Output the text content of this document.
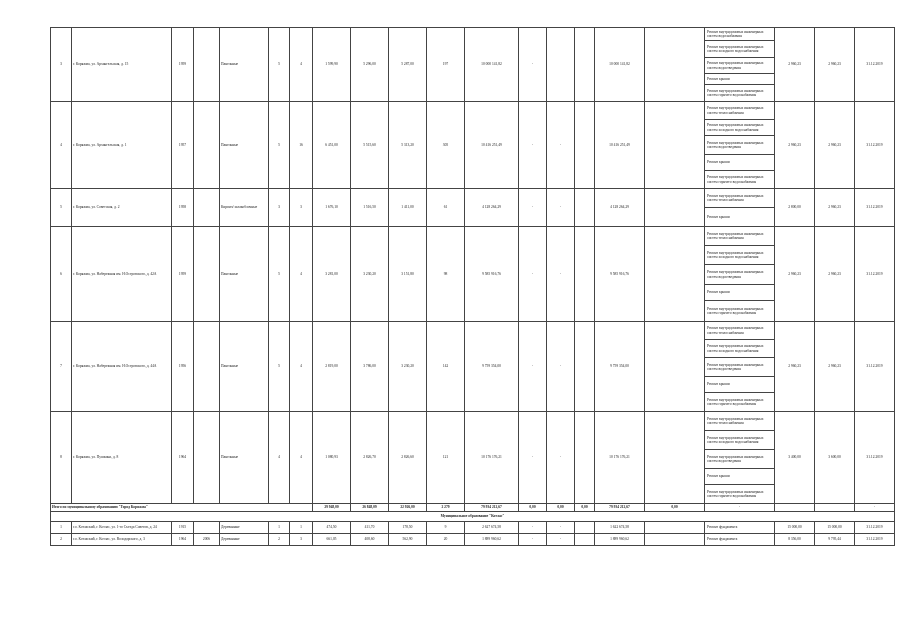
3	г. Коряжма, ул. Архангельская, д. 15	1959		Панельные	5	4	1 599,90	5 296,00	5 287,00	197	10 000 141,82	-			10 000 141,82		Ремонт внутридомовых инженерных систем водоснабжения	2 960,23	2 960,23	31.12.2019
																	Ремонт внутридомовых инженерных систем холодного водоснабжения			
																	Ремонт внутридомовых инженерных систем водоотведения			
																	Ремонт крыши			
																	Ремонт внутридомовых инженерных систем горячего водоснабжения			
4	г. Коряжма, ул. Архангельская, д. 1	1957		Панельные	5	16	6 451,00	5 515,60	5 313,20	305	10 416 251,49	-	-		10 416 251,49		Ремонт внутридомовых инженерных систем теплоснабжения	2 960,23	2 960,23	31.12.2019
																	Ремонт внутридомовых инженерных систем холодного водоснабжения			
																	Ремонт внутридомовых инженерных систем водоотведения			
																	Ремонт крыши			
																	Ремонт внутридомовых инженерных систем горячего водоснабжения			
5	г. Коряжма, ул. Советская, д. 2	1958		Кирпич/ шлакоблочные	3	3	1 676,10	1 516,50	1 411,00	61	4 128 264,29	-	-		4 128 264,29		Ремонт внутридомовых инженерных систем теплоснабжения	2 800,00	2 960,23	31.12.2019
																	Ремонт крыши			
6	г. Коряжма, ул. Набережная им. Н.Островского, д. 42А	1959		Панельные	5	4	3 281,00	3 230,20	3 151,80	98	9 585 916,76	-	-		9 585 916,76		Ремонт внутридомовых инженерных систем теплоснабжения	2 960,23	2 960,23	31.12.2019
																	Ремонт внутридомовых инженерных систем холодного водоснабжения			
																	Ремонт внутридомовых инженерных систем водоотведения			
																	Ремонт крыши			
																	Ремонт внутридомовых инженерных систем горячего водоснабжения			
7	г. Коряжма, ул. Набережная им. Н.Островского, д. 44А	1956		Панельные	5	4	2 819,00	3 786,00	3 230,20	142	9 759 354,00	-	-		9 759 354,00		Ремонт внутридомовых инженерных систем теплоснабжения	2 960,23	2 960,23	31.12.2019
																	Ремонт внутридомовых инженерных систем холодного водоснабжения			
																	Ремонт внутридомовых инженерных систем водоотведения			
																	Ремонт крыши			
																	Ремонт внутридомовых инженерных систем горячего водоснабжения			
8	г. Коряжма, ул. Пушкина, д. 8	1964		Панельные	4	4	1 080,93	2 826,70	2 826,60	121	10 176 176,21	-	-		10 176 176,21		Ремонт внутридомовых инженерных систем теплоснабжения	3 400,00	3 600,00	31.12.2019
																	Ремонт внутридомовых инженерных систем холодного водоснабжения			
																	Ремонт внутридомовых инженерных систем водоотведения			
																	Ремонт крыши			
																	Ремонт внутридомовых инженерных систем горячего водоснабжения			
Итого по муниципальному образованию "Город Коряжма"							29 948,00	26 848,09	22 926,00	2 279	79 934 212,67	0,00	0,00	0,00	79 934 212,67	0,00	-			-
Муниципальное образование "Котлас"																				
1	г.о. Котлаский, г. Котлас, ул. 1-го Съезда Советов, д. 24	1915		Деревянные	1	1	474,50	411,70	178,50	9	2 627 674,58	-	-		1 622 674,58		Ремонт фундамента	15 000,00	15 000,00	31.12.2019
2	г.о. Котлаский, г. Котлас, ул. Володарского, д. 3	1964	2006	Деревянные	2	3	661,05	408,60	562,90	20	1 889 960,62	-	-		1 889 960,62		Ремонт фундамента	8 356,00	9 795,44	31.12.2019
